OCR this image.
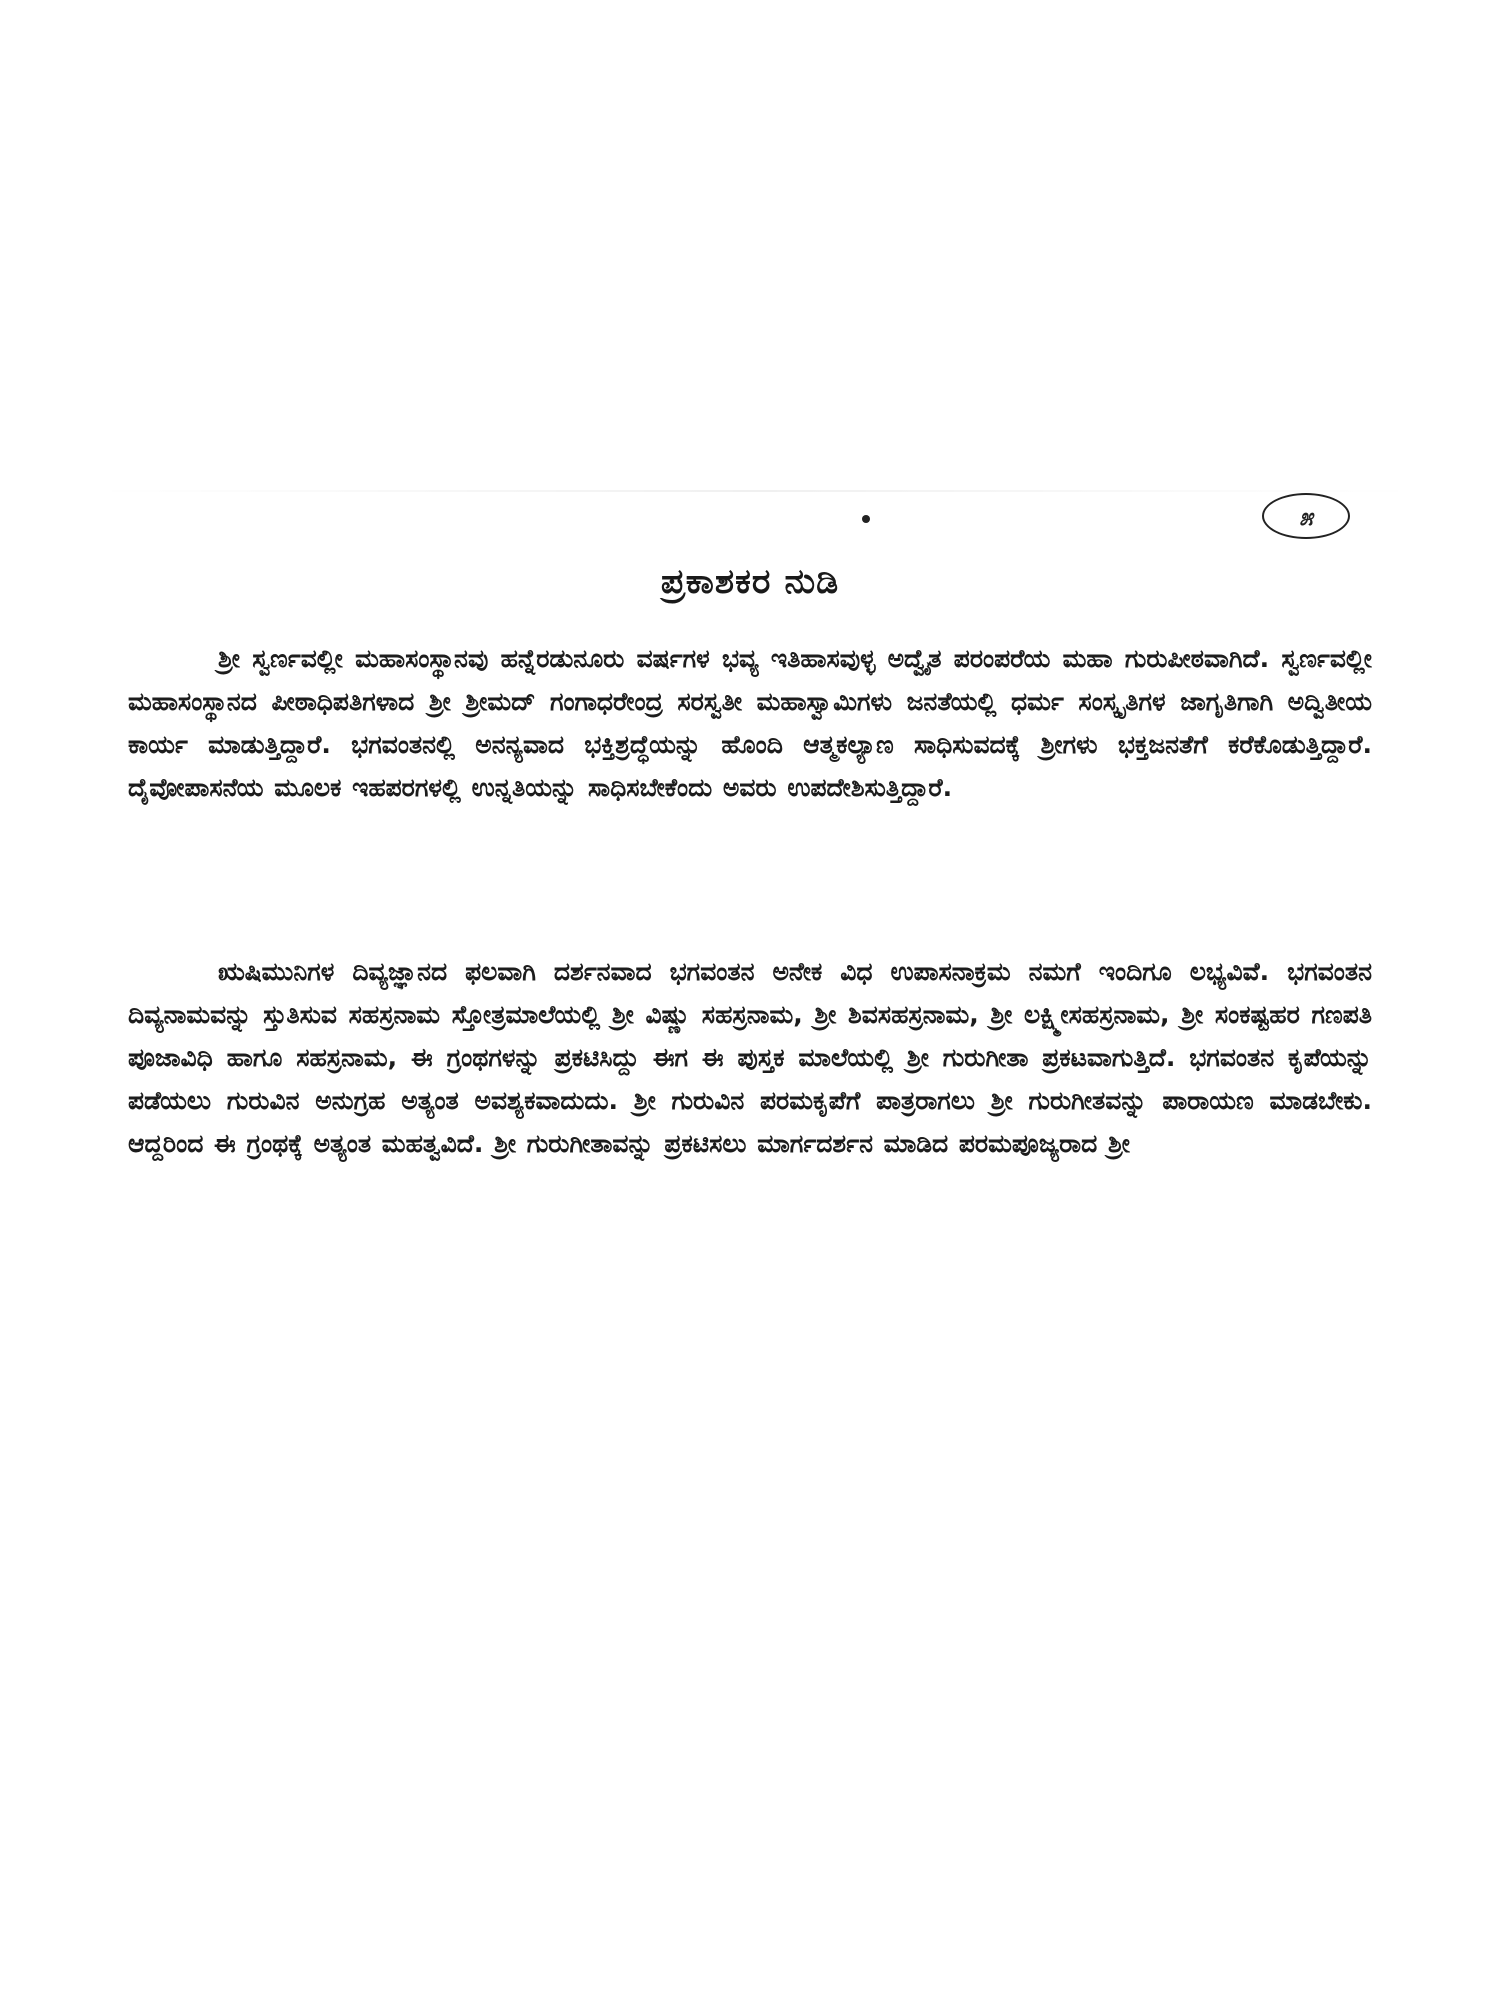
೫
ಪ್ರಕಾಶಕರ ನುಡಿ

ಶ್ರೀ ಸ್ವರ್ಣವಲ್ಲೀ ಮಹಾಸಂಸ್ಥಾನವು ಹನ್ನೆರಡುನೂರು ವರ್ಷಗಳ ಭವ್ಯ ಇತಿಹಾಸವುಳ್ಳ ಅದ್ವೈತ ಪರಂಪರೆಯ ಮಹಾ ಗುರುಪೀಠವಾಗಿದೆ. ಸ್ವರ್ಣವಲ್ಲೀ ಮಹಾಸಂಸ್ಥಾನದ ಪೀಠಾಧಿಪತಿಗಳಾದ ಶ್ರೀ ಶ್ರೀಮದ್ ಗಂಗಾಧರೇಂದ್ರ ಸರಸ್ವತೀ ಮಹಾಸ್ವಾಮಿಗಳು ಜನತೆಯಲ್ಲಿ ಧರ್ಮ ಸಂಸ್ಕೃತಿಗಳ ಜಾಗೃತಿಗಾಗಿ ಅದ್ವಿತೀಯ ಕಾರ್ಯ ಮಾಡುತ್ತಿದ್ದಾರೆ. ಭಗವಂತನಲ್ಲಿ ಅನನ್ಯವಾದ ಭಕ್ತಿಶ್ರದ್ಧೆಯನ್ನು ಹೊಂದಿ ಆತ್ಮಕಲ್ಯಾಣ ಸಾಧಿಸುವದಕ್ಕೆ ಶ್ರೀಗಳು ಭಕ್ತಜನತೆಗೆ ಕರೆಕೊಡುತ್ತಿದ್ದಾರೆ. ದೈವೋಪಾಸನೆಯ ಮೂಲಕ ಇಹಪರಗಳಲ್ಲಿ ಉನ್ನತಿಯನ್ನು ಸಾಧಿಸಬೇಕೆಂದು ಅವರು ಉಪದೇಶಿಸುತ್ತಿದ್ದಾರೆ.

ಋಷಿಮುನಿಗಳ ದಿವ್ಯಜ್ಞಾನದ ಫಲವಾಗಿ ದರ್ಶನವಾದ ಭಗವಂತನ ಅನೇಕ ವಿಧ ಉಪಾಸನಾಕ್ರಮ ನಮಗೆ ಇಂದಿಗೂ ಲಭ್ಯವಿವೆ. ಭಗವಂತನ ದಿವ್ಯನಾಮವನ್ನು ಸ್ತುತಿಸುವ ಸಹಸ್ರನಾಮ ಸ್ತೋತ್ರಮಾಲೆಯಲ್ಲಿ ಶ್ರೀ ವಿಷ್ಣು ಸಹಸ್ರನಾಮ, ಶ್ರೀ ಶಿವಸಹಸ್ರನಾಮ, ಶ್ರೀ ಲಕ್ಷ್ಮೀಸಹಸ್ರನಾಮ, ಶ್ರೀ ಸಂಕಷ್ಟಹರ ಗಣಪತಿ ಪೂಜಾವಿಧಿ ಹಾಗೂ ಸಹಸ್ರನಾಮ, ಈ ಗ್ರಂಥಗಳನ್ನು ಪ್ರಕಟಿಸಿದ್ದು ಈಗ ಈ ಪುಸ್ತಕ ಮಾಲೆಯಲ್ಲಿ ಶ್ರೀ ಗುರುಗೀತಾ ಪ್ರಕಟವಾಗುತ್ತಿದೆ. ಭಗವಂತನ ಕೃಪೆಯನ್ನು ಪಡೆಯಲು ಗುರುವಿನ ಅನುಗ್ರಹ ಅತ್ಯಂತ ಅವಶ್ಯಕವಾದುದು. ಶ್ರೀ ಗುರುವಿನ ಪರಮಕೃಪೆಗೆ ಪಾತ್ರರಾಗಲು ಶ್ರೀ ಗುರುಗೀತವನ್ನು ಪಾರಾಯಣ ಮಾಡಬೇಕು. ಆದ್ದರಿಂದ ಈ ಗ್ರಂಥಕ್ಕೆ ಅತ್ಯಂತ ಮಹತ್ವವಿದೆ. ಶ್ರೀ ಗುರುಗೀತಾವನ್ನು ಪ್ರಕಟಿಸಲು ಮಾರ್ಗದರ್ಶನ ಮಾಡಿದ ಪರಮಪೂಜ್ಯರಾದ ಶ್ರೀ
